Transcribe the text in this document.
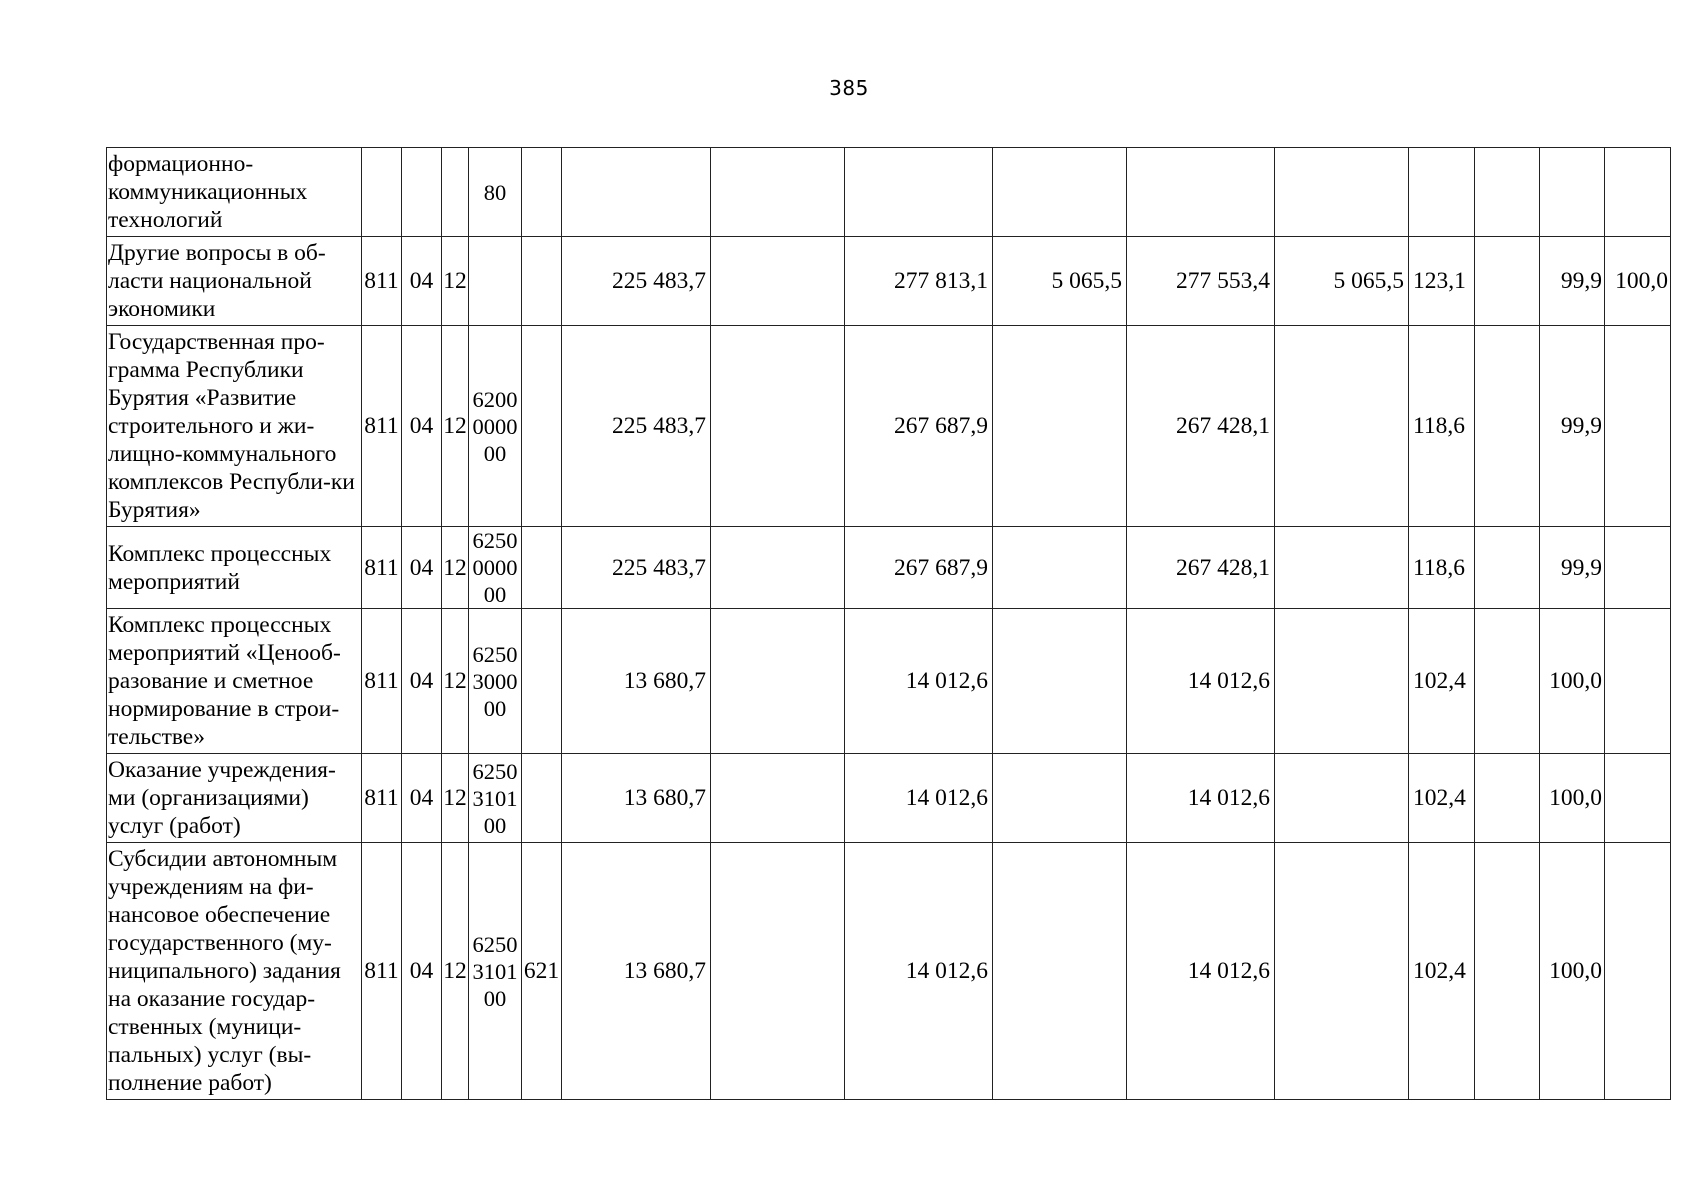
385
формационно-коммуникационных технологий				80											
Другие вопросы в об-ласти национальной экономики	811	04	12			225 483,7		277 813,1	5 065,5	277 553,4	5 065,5	123,1		99,9	100,0
Государственная про-грамма Республики Бурятия «Развитие строительного и жи-лищно-коммунального комплексов Республи-ки Бурятия»	811	04	12	6200 0000 00		225 483,7		267 687,9		267 428,1		118,6		99,9	
Комплекс процессных мероприятий	811	04	12	6250 0000 00		225 483,7		267 687,9		267 428,1		118,6		99,9	
Комплекс процессных мероприятий «Ценооб-разование и сметное нормирование в строи-тельстве»	811	04	12	6250 3000 00		13 680,7		14 012,6		14 012,6		102,4		100,0	
Оказание учреждения-ми (организациями) услуг (работ)	811	04	12	6250 3101 00		13 680,7		14 012,6		14 012,6		102,4		100,0	
Субсидии автономным учреждениям на фи-нансовое обеспечение государственного (му-ниципального) задания на оказание государ-ственных (муници-пальных) услуг (вы-полнение работ)	811	04	12	6250 3101 00	621	13 680,7		14 012,6		14 012,6		102,4		100,0	
